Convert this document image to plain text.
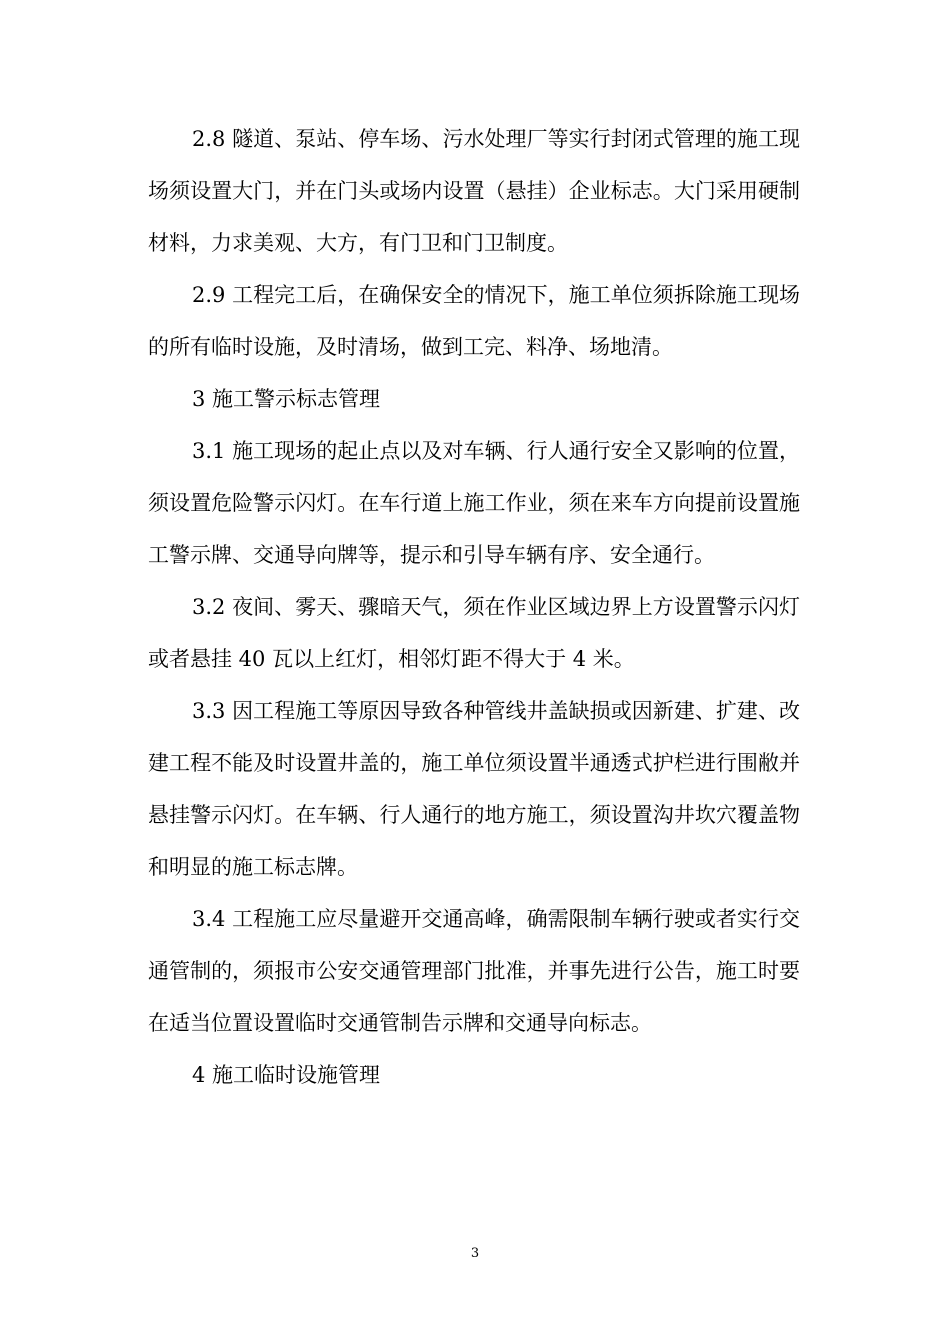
2.8 隧道、泵站、停车场、污水处理厂等实行封闭式管理的施工现场须设置大门，并在门头或场内设置（悬挂）企业标志。大门采用硬制材料，力求美观、大方，有门卫和门卫制度。

2.9 工程完工后，在确保安全的情况下，施工单位须拆除施工现场的所有临时设施，及时清场，做到工完、料净、场地清。

3 施工警示标志管理

3.1 施工现场的起止点以及对车辆、行人通行安全又影响的位置，须设置危险警示闪灯。在车行道上施工作业，须在来车方向提前设置施工警示牌、交通导向牌等，提示和引导车辆有序、安全通行。

3.2 夜间、雾天、骤暗天气，须在作业区域边界上方设置警示闪灯或者悬挂 40 瓦以上红灯，相邻灯距不得大于 4 米。

3.3 因工程施工等原因导致各种管线井盖缺损或因新建、扩建、改建工程不能及时设置井盖的，施工单位须设置半通透式护栏进行围敝并悬挂警示闪灯。在车辆、行人通行的地方施工，须设置沟井坎穴覆盖物和明显的施工标志牌。

3.4 工程施工应尽量避开交通高峰，确需限制车辆行驶或者实行交通管制的，须报市公安交通管理部门批准，并事先进行公告，施工时要在适当位置设置临时交通管制告示牌和交通导向标志。

4 施工临时设施管理

3
